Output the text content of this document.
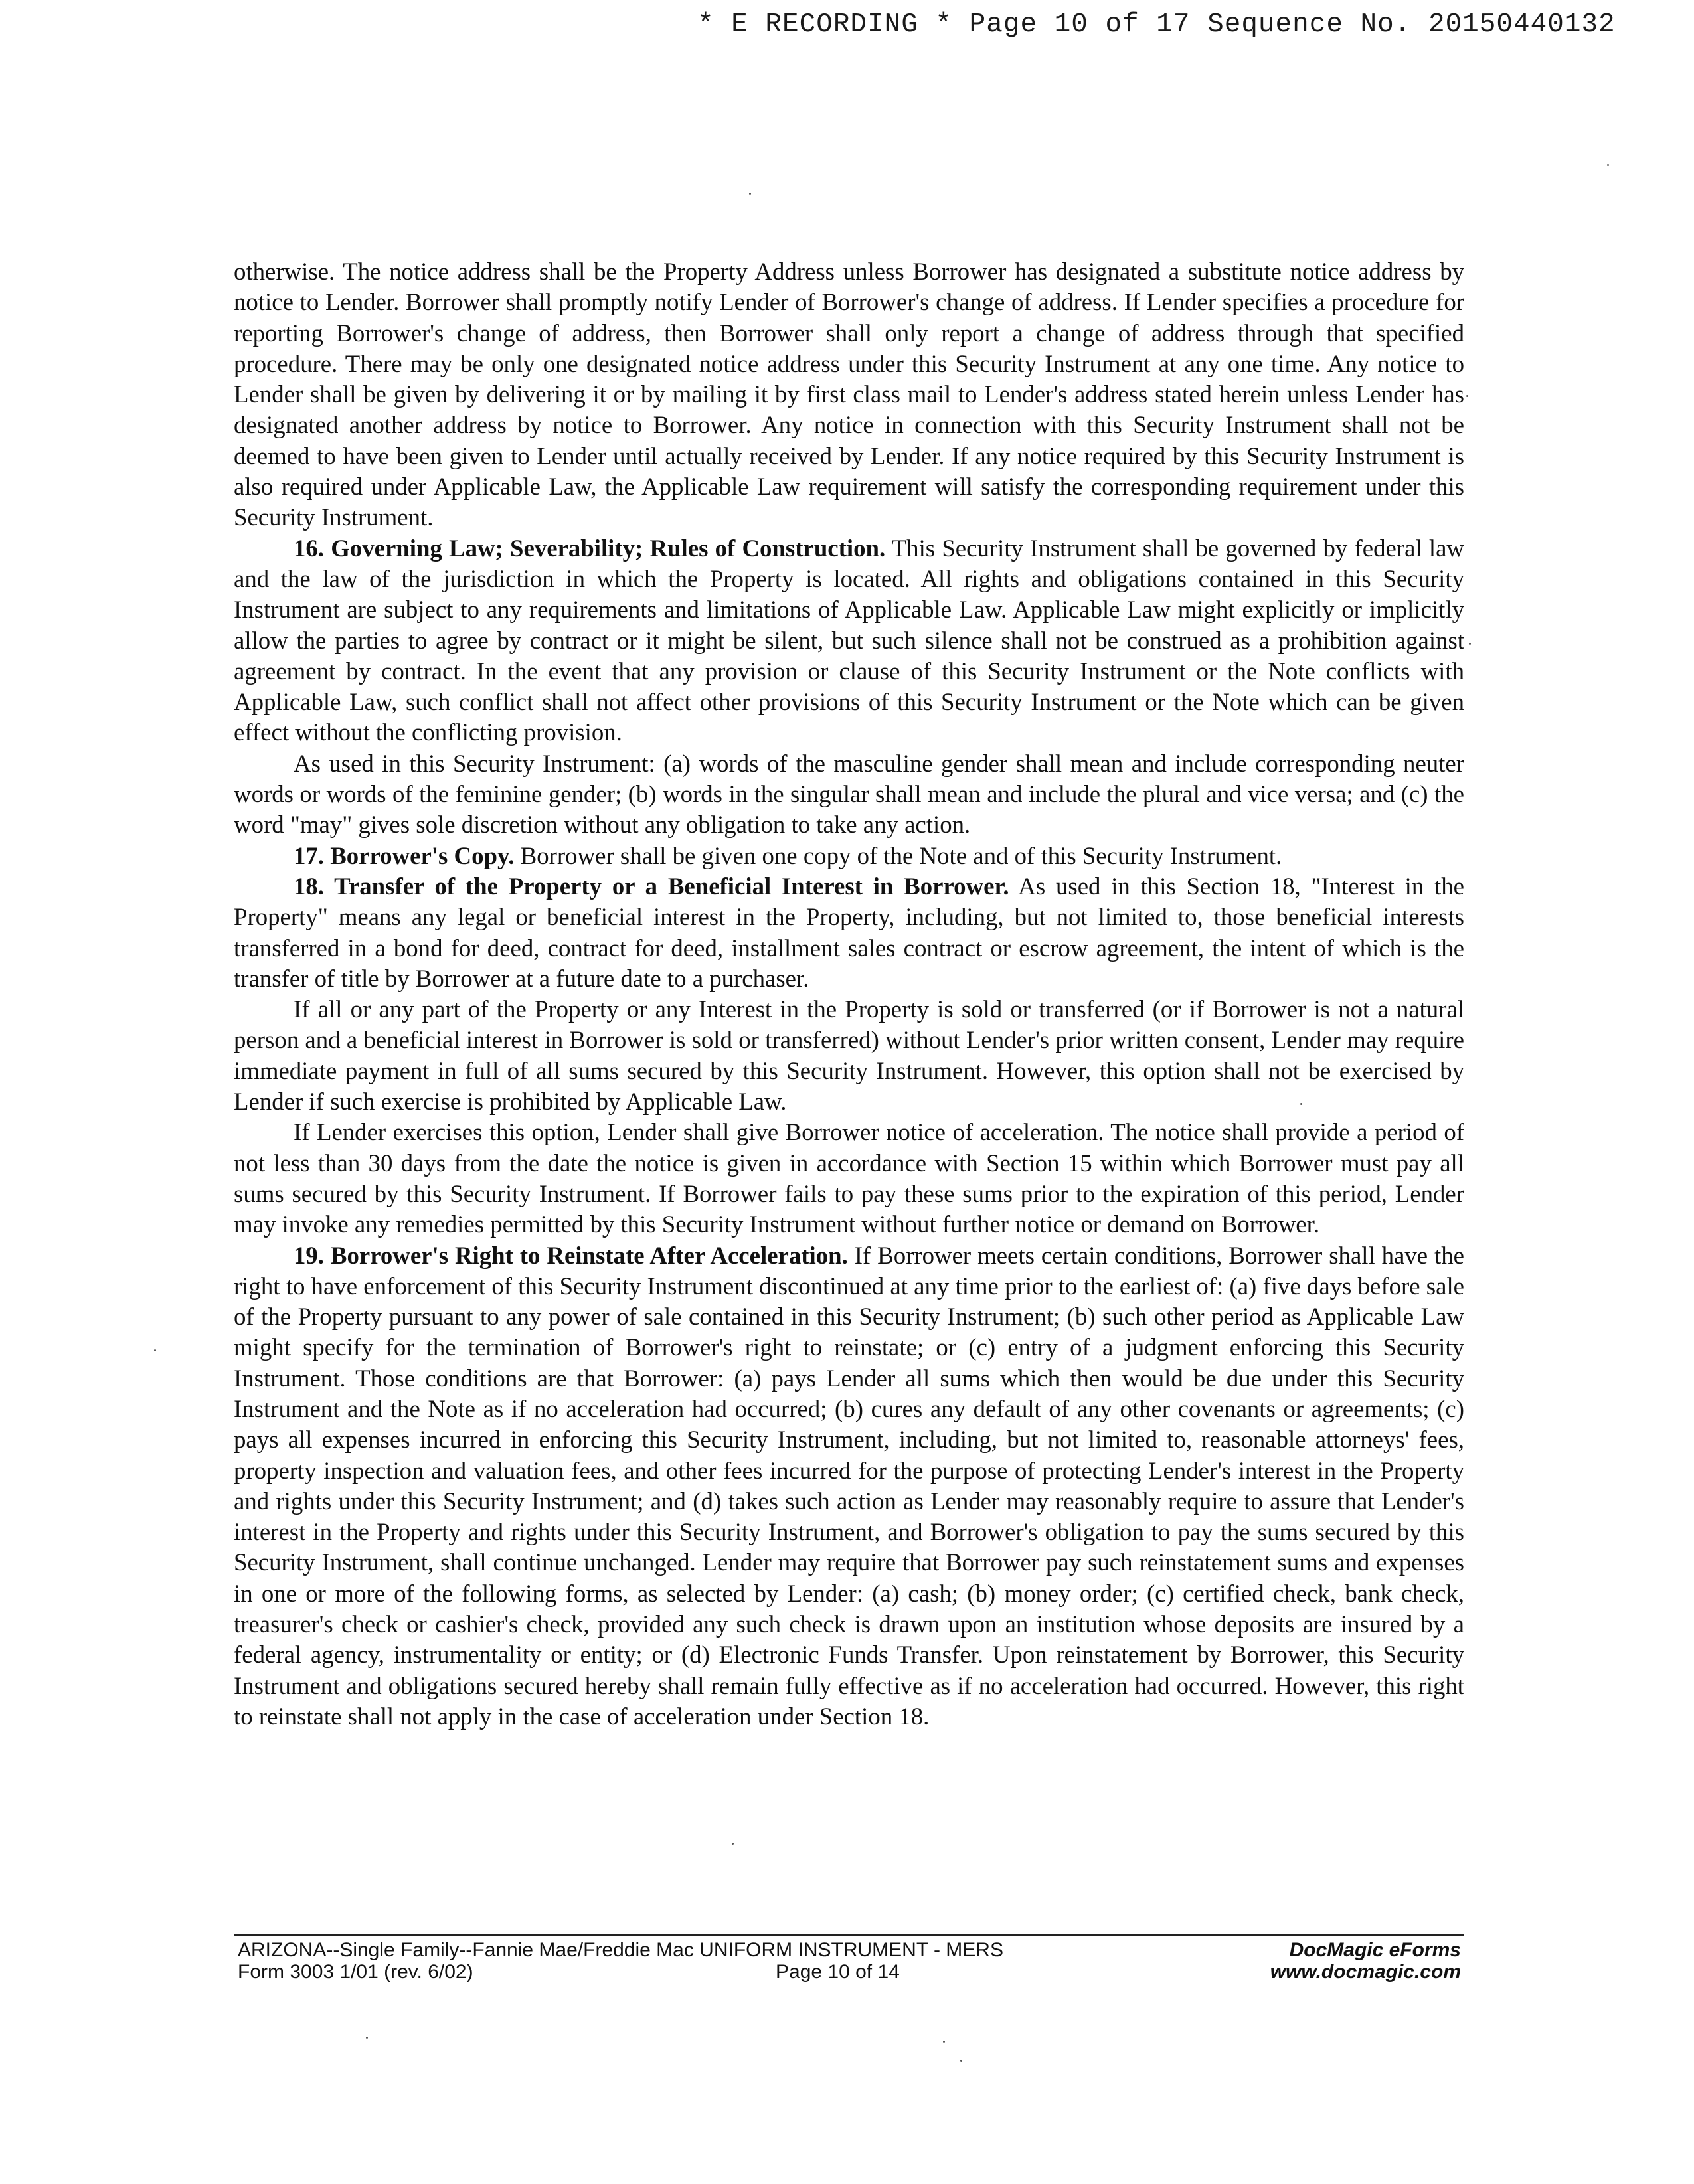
* E RECORDING * Page 10 of 17 Sequence No. 20150440132

otherwise. The notice address shall be the Property Address unless Borrower has designated a substitute notice address by notice to Lender. Borrower shall promptly notify Lender of Borrower's change of address. If Lender specifies a procedure for reporting Borrower's change of address, then Borrower shall only report a change of address through that specified procedure. There may be only one designated notice address under this Security Instrument at any one time. Any notice to Lender shall be given by delivering it or by mailing it by first class mail to Lender's address stated herein unless Lender has designated another address by notice to Borrower. Any notice in connection with this Security Instrument shall not be deemed to have been given to Lender until actually received by Lender. If any notice required by this Security Instrument is also required under Applicable Law, the Applicable Law requirement will satisfy the corresponding requirement under this Security Instrument.

16. Governing Law; Severability; Rules of Construction. This Security Instrument shall be governed by federal law and the law of the jurisdiction in which the Property is located. All rights and obligations contained in this Security Instrument are subject to any requirements and limitations of Applicable Law. Applicable Law might explicitly or implicitly allow the parties to agree by contract or it might be silent, but such silence shall not be construed as a prohibition against agreement by contract. In the event that any provision or clause of this Security Instrument or the Note conflicts with Applicable Law, such conflict shall not affect other provisions of this Security Instrument or the Note which can be given effect without the conflicting provision.

As used in this Security Instrument: (a) words of the masculine gender shall mean and include corresponding neuter words or words of the feminine gender; (b) words in the singular shall mean and include the plural and vice versa; and (c) the word "may" gives sole discretion without any obligation to take any action.

17. Borrower's Copy. Borrower shall be given one copy of the Note and of this Security Instrument.

18. Transfer of the Property or a Beneficial Interest in Borrower. As used in this Section 18, "Interest in the Property" means any legal or beneficial interest in the Property, including, but not limited to, those beneficial interests transferred in a bond for deed, contract for deed, installment sales contract or escrow agreement, the intent of which is the transfer of title by Borrower at a future date to a purchaser.

If all or any part of the Property or any Interest in the Property is sold or transferred (or if Borrower is not a natural person and a beneficial interest in Borrower is sold or transferred) without Lender's prior written consent, Lender may require immediate payment in full of all sums secured by this Security Instrument. However, this option shall not be exercised by Lender if such exercise is prohibited by Applicable Law.

If Lender exercises this option, Lender shall give Borrower notice of acceleration. The notice shall provide a period of not less than 30 days from the date the notice is given in accordance with Section 15 within which Borrower must pay all sums secured by this Security Instrument. If Borrower fails to pay these sums prior to the expiration of this period, Lender may invoke any remedies permitted by this Security Instrument without further notice or demand on Borrower.

19. Borrower's Right to Reinstate After Acceleration. If Borrower meets certain conditions, Borrower shall have the right to have enforcement of this Security Instrument discontinued at any time prior to the earliest of: (a) five days before sale of the Property pursuant to any power of sale contained in this Security Instrument; (b) such other period as Applicable Law might specify for the termination of Borrower's right to reinstate; or (c) entry of a judgment enforcing this Security Instrument. Those conditions are that Borrower: (a) pays Lender all sums which then would be due under this Security Instrument and the Note as if no acceleration had occurred; (b) cures any default of any other covenants or agreements; (c) pays all expenses incurred in enforcing this Security Instrument, including, but not limited to, reasonable attorneys' fees, property inspection and valuation fees, and other fees incurred for the purpose of protecting Lender's interest in the Property and rights under this Security Instrument; and (d) takes such action as Lender may reasonably require to assure that Lender's interest in the Property and rights under this Security Instrument, and Borrower's obligation to pay the sums secured by this Security Instrument, shall continue unchanged. Lender may require that Borrower pay such reinstatement sums and expenses in one or more of the following forms, as selected by Lender: (a) cash; (b) money order; (c) certified check, bank check, treasurer's check or cashier's check, provided any such check is drawn upon an institution whose deposits are insured by a federal agency, instrumentality or entity; or (d) Electronic Funds Transfer. Upon reinstatement by Borrower, this Security Instrument and obligations secured hereby shall remain fully effective as if no acceleration had occurred. However, this right to reinstate shall not apply in the case of acceleration under Section 18.

ARIZONA--Single Family--Fannie Mae/Freddie Mac UNIFORM INSTRUMENT - MERS
Form 3003 1/01 (rev. 6/02)	Page 10 of 14
DocMagic eForms
www.docmagic.com
